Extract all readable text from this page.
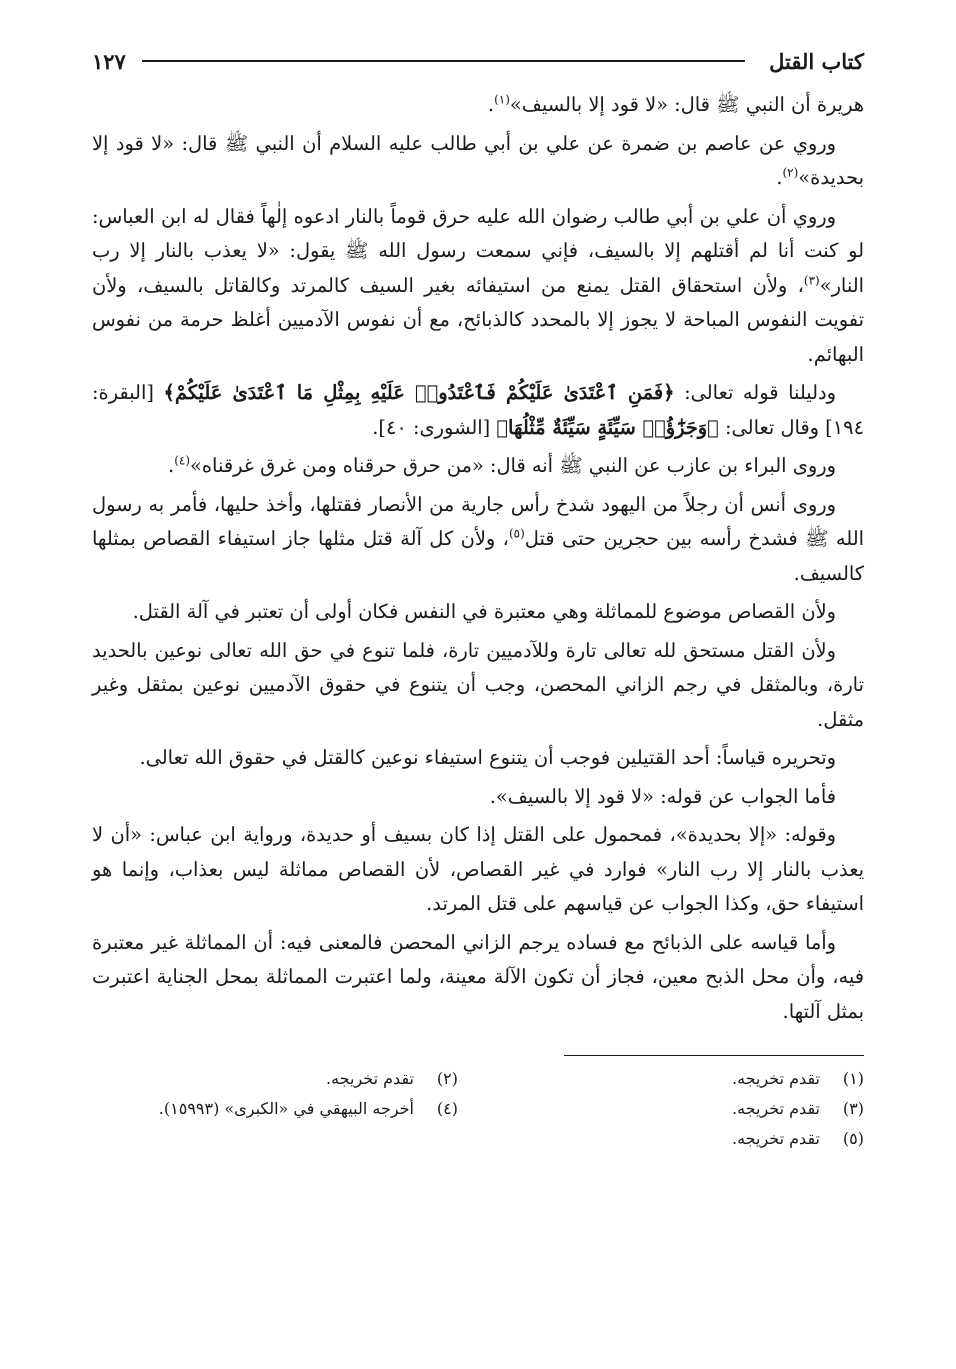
كتاب القتل
١٢٧

هريرة أن النبي ﷺ قال: «لا قود إلا بالسيف»$^{(١)}$.

وروي عن عاصم بن ضمرة عن علي بن أبي طالب عليه السلام أن النبي ﷺ قال: «لا قود إلا بحديدة»$^{(٢)}$.

وروي أن علي بن أبي طالب رضوان الله عليه حرق قوماً بالنار ادعوه إلٰهاً فقال له ابن العباس: لو كنت أنا لم أقتلهم إلا بالسيف، فإني سمعت رسول الله ﷺ يقول: «لا يعذب بالنار إلا رب النار»$^{(٣)}$، ولأن استحقاق القتل يمنع من استيفائه بغير السيف كالمرتد وكالقاتل بالسيف، ولأن تفويت النفوس المباحة لا يجوز إلا بالمحدد كالذبائح، مع أن نفوس الآدميين أغلظ حرمة من نفوس البهائم.

ودليلنا قوله تعالى: ﴿فَمَنِ ٱعْتَدَىٰ عَلَيْكُمْ فَٱعْتَدُوا۟ عَلَيْهِ بِمِثْلِ مَا ٱعْتَدَىٰ عَلَيْكُمْ﴾ [البقرة: ١٩٤] وقال تعالى: ﴿وَجَزَٰٓؤُا۟ سَيِّئَةٍ سَيِّئَةٌ مِّثْلُهَا﴾ [الشورى: ٤٠].

وروى البراء بن عازب عن النبي ﷺ أنه قال: «من حرق حرقناه ومن غرق غرقناه»$^{(٤)}$.

وروى أنس أن رجلاً من اليهود شدخ رأس جارية من الأنصار فقتلها، وأخذ حليها، فأمر به رسول الله ﷺ فشدخ رأسه بين حجرين حتى قتل$^{(٥)}$، ولأن كل آلة قتل مثلها جاز استيفاء القصاص بمثلها كالسيف.

ولأن القصاص موضوع للمماثلة وهي معتبرة في النفس فكان أولى أن تعتبر في آلة القتل.

ولأن القتل مستحق لله تعالى تارة وللآدميين تارة، فلما تنوع في حق الله تعالى نوعين بالحديد تارة، وبالمثقل في رجم الزاني المحصن، وجب أن يتنوع في حقوق الآدميين نوعين بمثقل وغير مثقل.

وتحريره قياساً: أحد القتيلين فوجب أن يتنوع استيفاء نوعين كالقتل في حقوق الله تعالى.

فأما الجواب عن قوله: «لا قود إلا بالسيف».

وقوله: «إلا بحديدة»، فمحمول على القتل إذا كان بسيف أو حديدة، ورواية ابن عباس: «أن لا يعذب بالنار إلا رب النار» فوارد في غير القصاص، لأن القصاص مماثلة ليس بعذاب، وإنما هو استيفاء حق، وكذا الجواب عن قياسهم على قتل المرتد.

وأما قياسه على الذبائح مع فساده يرجم الزاني المحصن فالمعنى فيه: أن المماثلة غير معتبرة فيه، وأن محل الذبح معين، فجاز أن تكون الآلة معينة، ولما اعتبرت المماثلة بمحل الجناية اعتبرت بمثل آلتها.

(١)
تقدم تخريجه.
(٢)
تقدم تخريجه.
(٣)
تقدم تخريجه.
(٤)
أخرجه البيهقي في «الكبرى» (١٥٩٩٣).
(٥)
تقدم تخريجه.
